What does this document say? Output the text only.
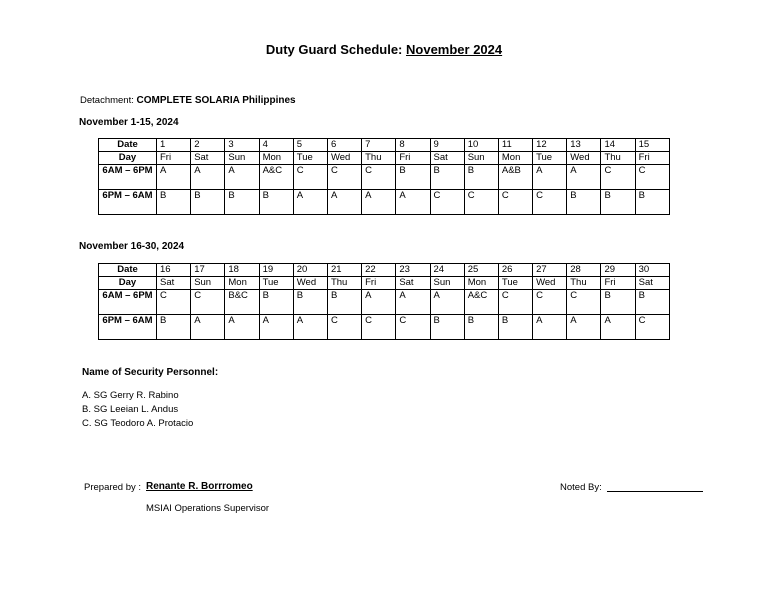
Duty Guard Schedule: November 2024
Detachment: COMPLETE SOLARIA Philippines
November 1-15, 2024
Date	1	2	3	4	5	6	7	8	9	10	11	12	13	14	15
Day	Fri	Sat	Sun	Mon	Tue	Wed	Thu	Fri	Sat	Sun	Mon	Tue	Wed	Thu	Fri
6AM – 6PM	A	A	A	A&C	C	C	C	B	B	B	A&B	A	A	C	C
6PM – 6AM	B	B	B	B	A	A	A	A	C	C	C	C	B	B	B
November 16-30, 2024
Date	16	17	18	19	20	21	22	23	24	25	26	27	28	29	30
Day	Sat	Sun	Mon	Tue	Wed	Thu	Fri	Sat	Sun	Mon	Tue	Wed	Thu	Fri	Sat
6AM – 6PM	C	C	B&C	B	B	B	A	A	A	A&C	C	C	C	B	B
6PM – 6AM	B	A	A	A	A	C	C	C	B	B	B	A	A	A	C
Name of Security Personnel:
A. SG Gerry R. Rabino
B. SG Leeian L. Andus
C. SG Teodoro A. Protacio
Prepared by : Renante R. Borrromeo
MSIAI Operations Supervisor
Noted By:
